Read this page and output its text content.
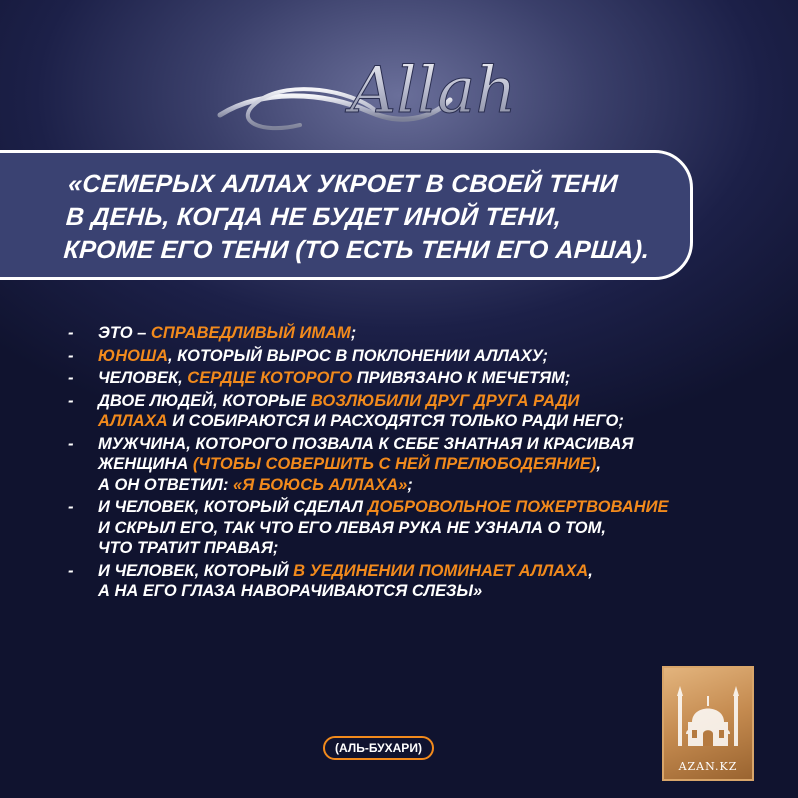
Allah
«СЕМЕРЫХ АЛЛАХ УКРОЕТ В СВОЕЙ ТЕНИ
В ДЕНЬ, КОГДА НЕ БУДЕТ ИНОЙ ТЕНИ,
КРОМЕ ЕГО ТЕНИ (ТО ЕСТЬ ТЕНИ ЕГО АРША).
- ЭТО – СПРАВЕДЛИВЫЙ ИМАМ;
- ЮНОША, КОТОРЫЙ ВЫРОС В ПОКЛОНЕНИИ АЛЛАХУ;
- ЧЕЛОВЕК, СЕРДЦЕ КОТОРОГО ПРИВЯЗАНО К МЕЧЕТЯМ;
- ДВОЕ ЛЮДЕЙ, КОТОРЫЕ ВОЗЛЮБИЛИ ДРУГ ДРУГА РАДИ
АЛЛАХА И СОБИРАЮТСЯ И РАСХОДЯТСЯ ТОЛЬКО РАДИ НЕГО;
- МУЖЧИНА, КОТОРОГО ПОЗВАЛА К СЕБЕ ЗНАТНАЯ И КРАСИВАЯ
ЖЕНЩИНА (ЧТОБЫ СОВЕРШИТЬ С НЕЙ ПРЕЛЮБОДЕЯНИЕ),
А ОН ОТВЕТИЛ: «Я БОЮСЬ АЛЛАХА»;
- И ЧЕЛОВЕК, КОТОРЫЙ СДЕЛАЛ ДОБРОВОЛЬНОЕ ПОЖЕРТВОВАНИЕ
И СКРЫЛ ЕГО, ТАК ЧТО ЕГО ЛЕВАЯ РУКА НЕ УЗНАЛА О ТОМ,
ЧТО ТРАТИТ ПРАВАЯ;
- И ЧЕЛОВЕК, КОТОРЫЙ В УЕДИНЕНИИ ПОМИНАЕТ АЛЛАХА,
А НА ЕГО ГЛАЗА НАВОРАЧИВАЮТСЯ СЛЕЗЫ»
(АЛЬ-БУХАРИ)
AZAN.KZ
